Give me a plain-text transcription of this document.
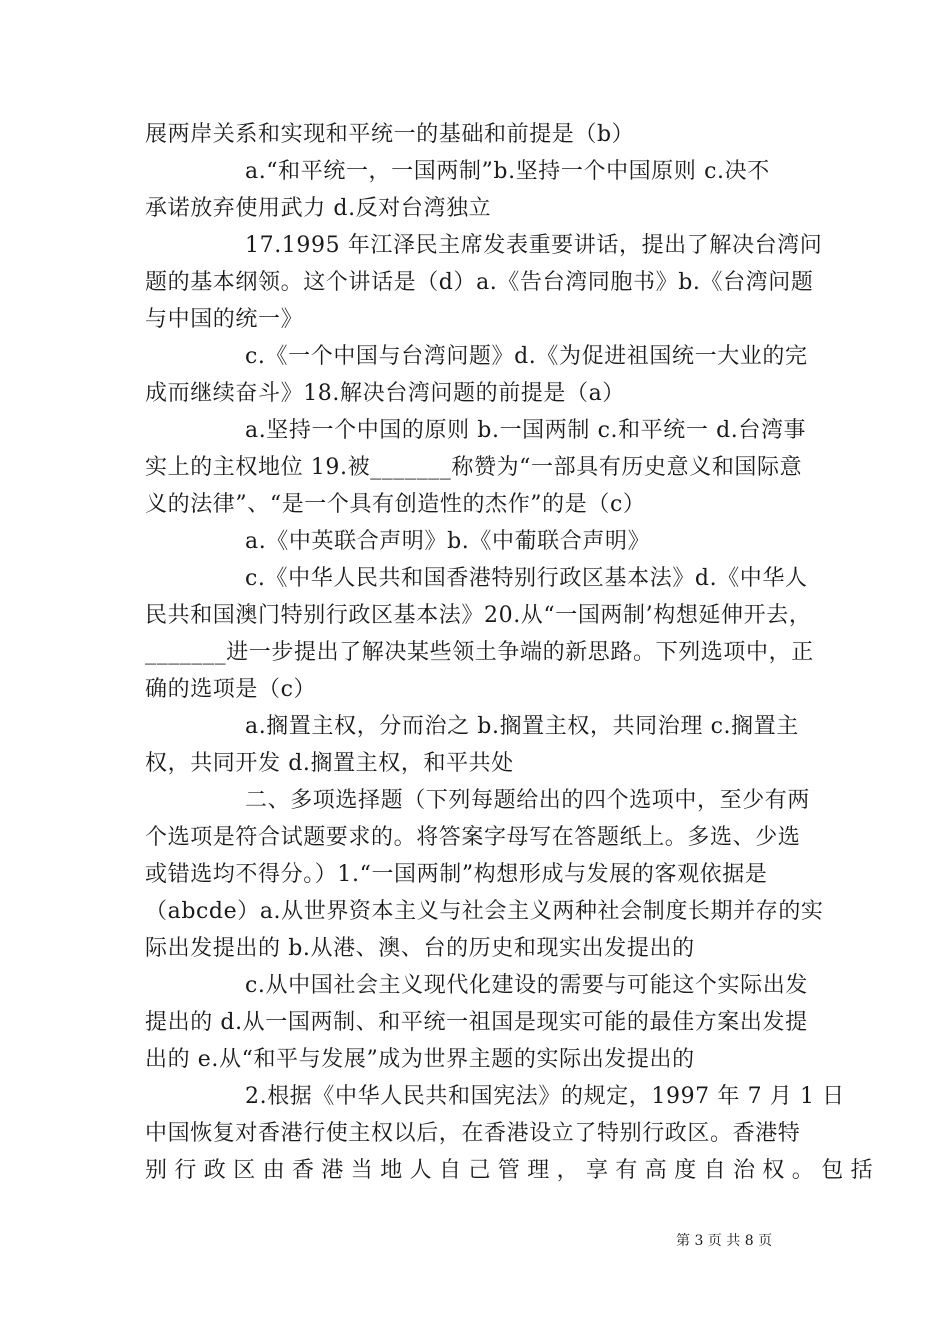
展两岸关系和实现和平统一的基础和前提是（b）
a.“和平统一，一国两制”b.坚持一个中国原则 c.决不
承诺放弃使用武力 d.反对台湾独立
17.1995 年江泽民主席发表重要讲话，提出了解决台湾问
题的基本纲领。这个讲话是（d）a.《告台湾同胞书》b.《台湾问题
与中国的统一》
c.《一个中国与台湾问题》d.《为促进祖国统一大业的完
成而继续奋斗》18.解决台湾问题的前提是（a）
a.坚持一个中国的原则 b.一国两制 c.和平统一 d.台湾事
实上的主权地位 19.被_______称赞为“一部具有历史意义和国际意
义的法律”、“是一个具有创造性的杰作”的是（c）
a.《中英联合声明》b.《中葡联合声明》
c.《中华人民共和国香港特别行政区基本法》d.《中华人
民共和国澳门特别行政区基本法》20.从“一国两制’构想延伸开去，
_______进一步提出了解决某些领土争端的新思路。下列选项中，正
确的选项是（c）
a.搁置主权，分而治之 b.搁置主权，共同治理 c.搁置主
权，共同开发 d.搁置主权，和平共处
二、多项选择题（下列每题给出的四个选项中，至少有两
个选项是符合试题要求的。将答案字母写在答题纸上。多选、少选
或错选均不得分。）1.“一国两制”构想形成与发展的客观依据是
（abcde）a.从世界资本主义与社会主义两种社会制度长期并存的实
际出发提出的 b.从港、澳、台的历史和现实出发提出的
c.从中国社会主义现代化建设的需要与可能这个实际出发
提出的 d.从一国两制、和平统一祖国是现实可能的最佳方案出发提
出的 e.从“和平与发展”成为世界主题的实际出发提出的
2.根据《中华人民共和国宪法》的规定，1997 年 7 月 1 日
中国恢复对香港行使主权以后，在香港设立了特别行政区。香港特
别行政区由香港当地人自己管理，享有高度自治权。包括
第 3 页 共 8 页
